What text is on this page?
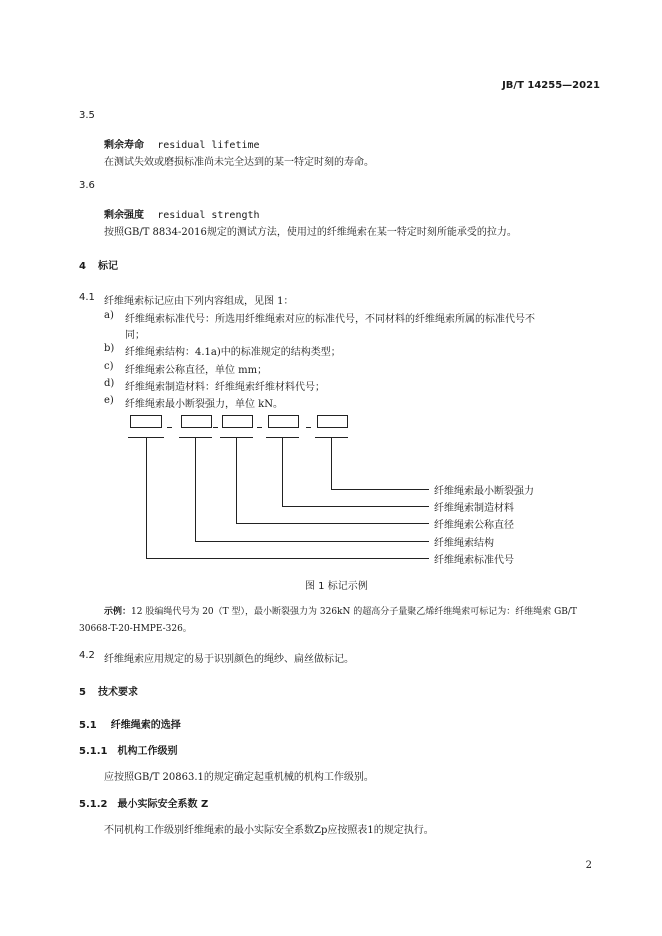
JB/T 14255—2021
3.5
剩余寿命 residual lifetime
在测试失效或磨损标准尚未完全达到的某一特定时刻的寿命。
3.6
剩余强度 residual strength
按照GB/T 8834-2016规定的测试方法，使用过的纤维绳索在某一特定时刻所能承受的拉力。
4 标记
4.1 纤维绳索标记应由下列内容组成，见图 1：
a) 纤维绳索标准代号：所选用纤维绳索对应的标准代号，不同材料的纤维绳索所属的标准代号不
同；
b) 纤维绳索结构：4.1a)中的标准规定的结构类型；
c) 纤维绳索公称直径，单位 mm；
d) 纤维绳索制造材料：纤维绳索纤维材料代号；
e) 纤维绳索最小断裂强力，单位 kN。
纤维绳索最小断裂强力
纤维绳索制造材料
纤维绳索公称直径
纤维绳索结构
纤维绳索标准代号
图 1 标记示例
示例：12 股编绳代号为 20（T 型），最小断裂强力为 326kN 的超高分子量聚乙烯纤维绳索可标记为：纤维绳索 GB/T
30668-T-20-HMPE-326。
4.2 纤维绳索应用规定的易于识别颜色的绳纱、扁丝做标记。
5 技术要求
5.1 纤维绳索的选择
5.1.1 机构工作级别
应按照GB/T 20863.1的规定确定起重机械的机构工作级别。
5.1.2 最小实际安全系数 Z
不同机构工作级别纤维绳索的最小实际安全系数Zp应按照表1的规定执行。
2
